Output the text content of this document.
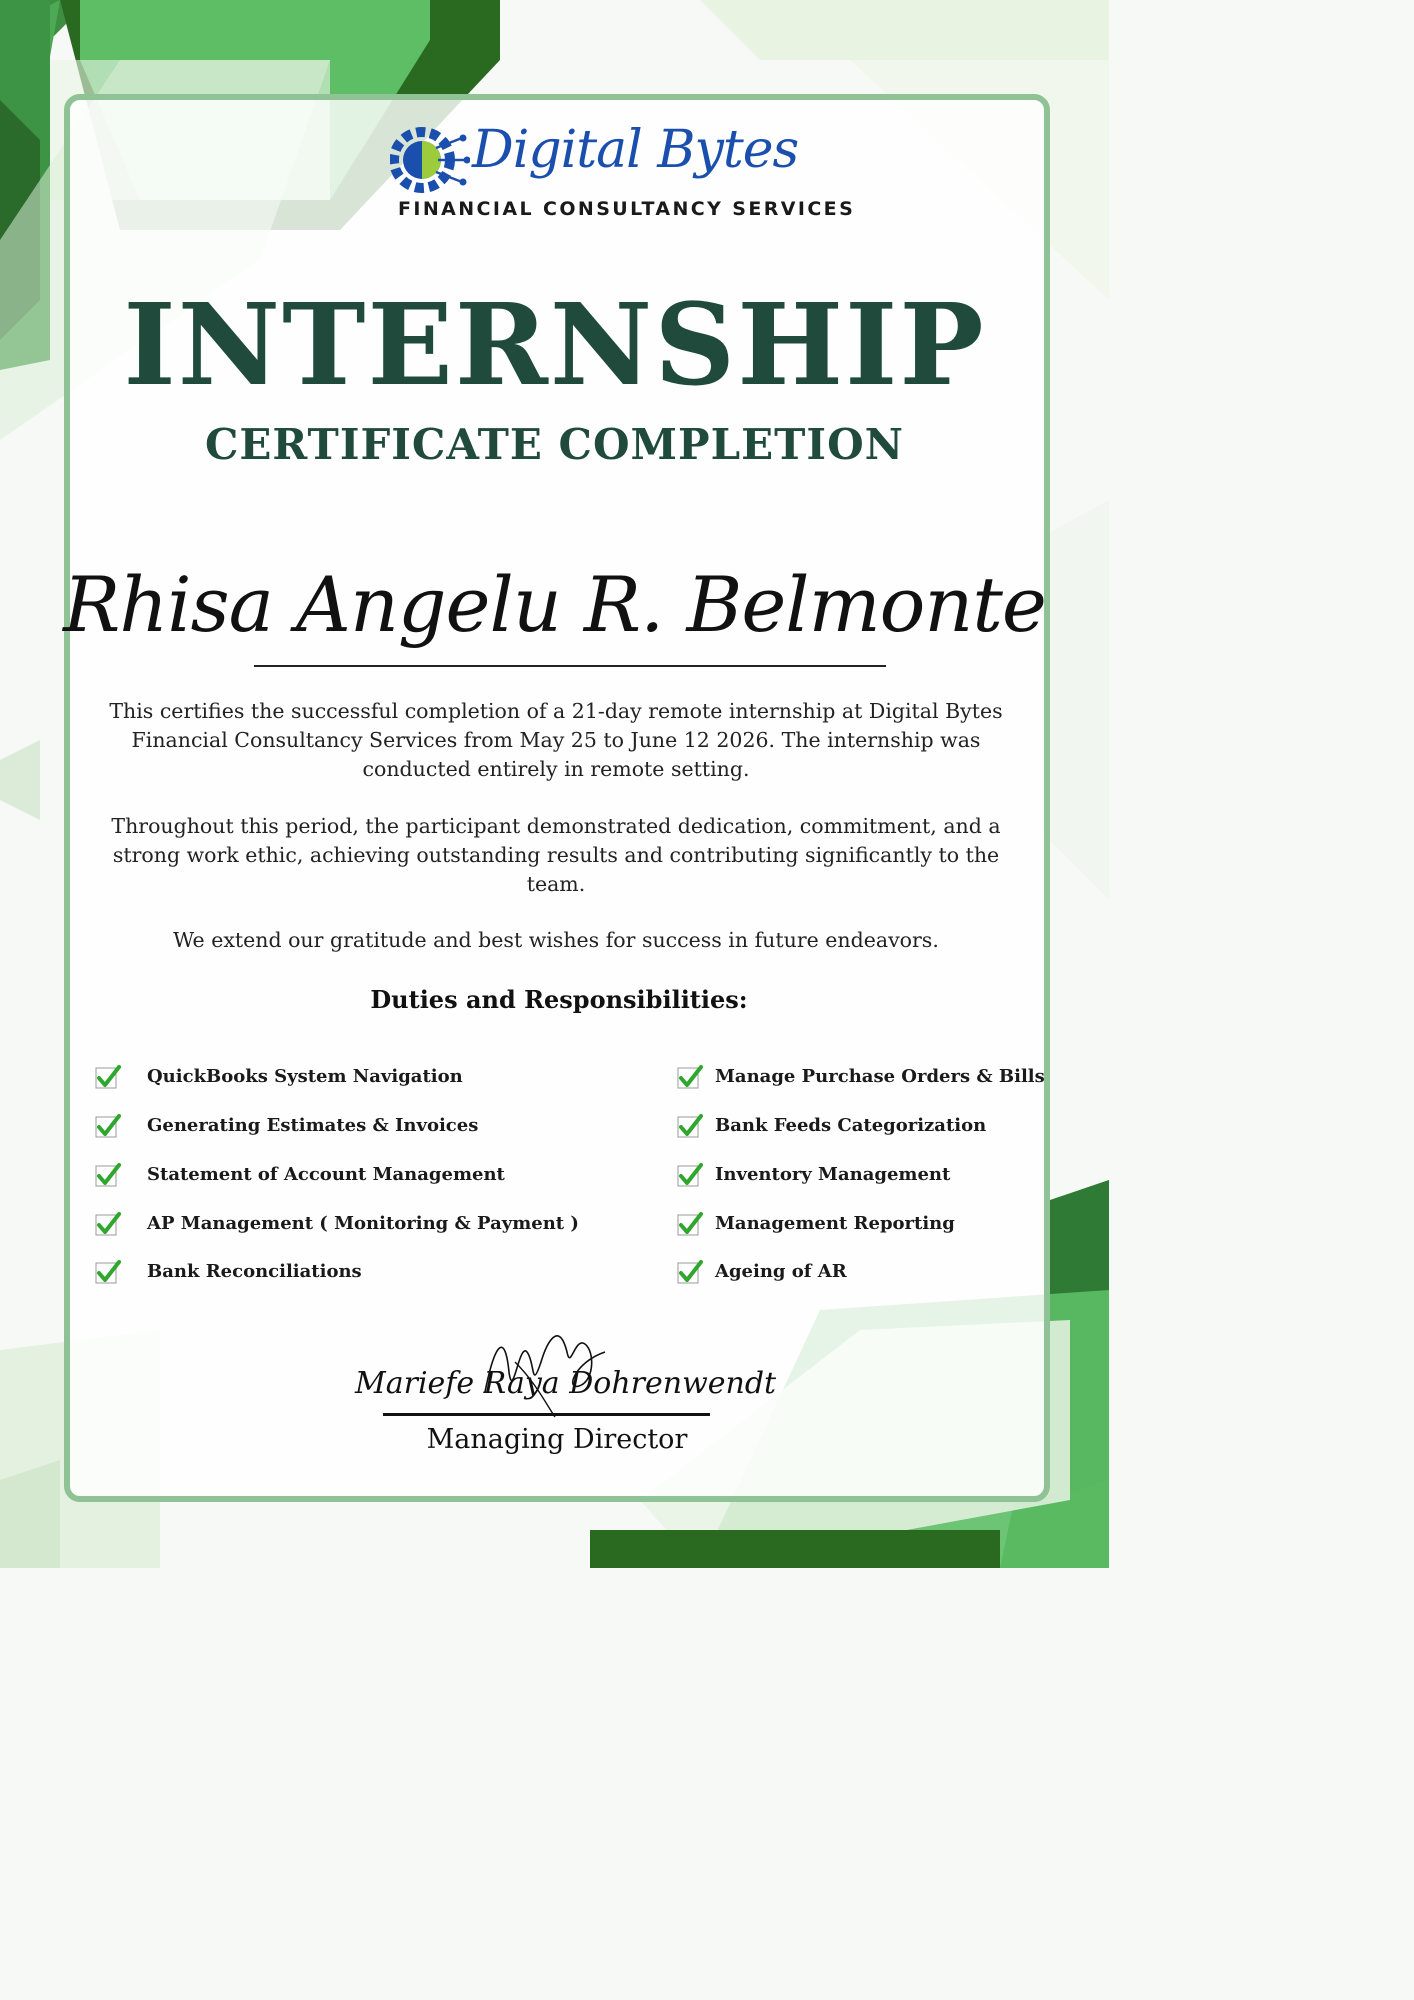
Digital Bytes
FINANCIAL CONSULTANCY SERVICES
INTERNSHIP
CERTIFICATE COMPLETION
Rhisa Angelu R. Belmonte
This certifies the successful completion of a 21-day remote internship at Digital Bytes Financial Consultancy Services from May 25 to June 12 2026. The internship was conducted entirely in remote setting.
Throughout this period, the participant demonstrated dedication, commitment, and a strong work ethic, achieving outstanding results and contributing significantly to the team.
We extend our gratitude and best wishes for success in future endeavors.
Duties and Responsibilities:
QuickBooks System Navigation
Generating Estimates & Invoices
Statement of Account Management
AP Management ( Monitoring & Payment )
Bank Reconciliations
Manage Purchase Orders & Bills
Bank Feeds Categorization
Inventory Management
Management Reporting
Ageing of AR
Mariefe Raya Dohrenwendt
Managing Director
